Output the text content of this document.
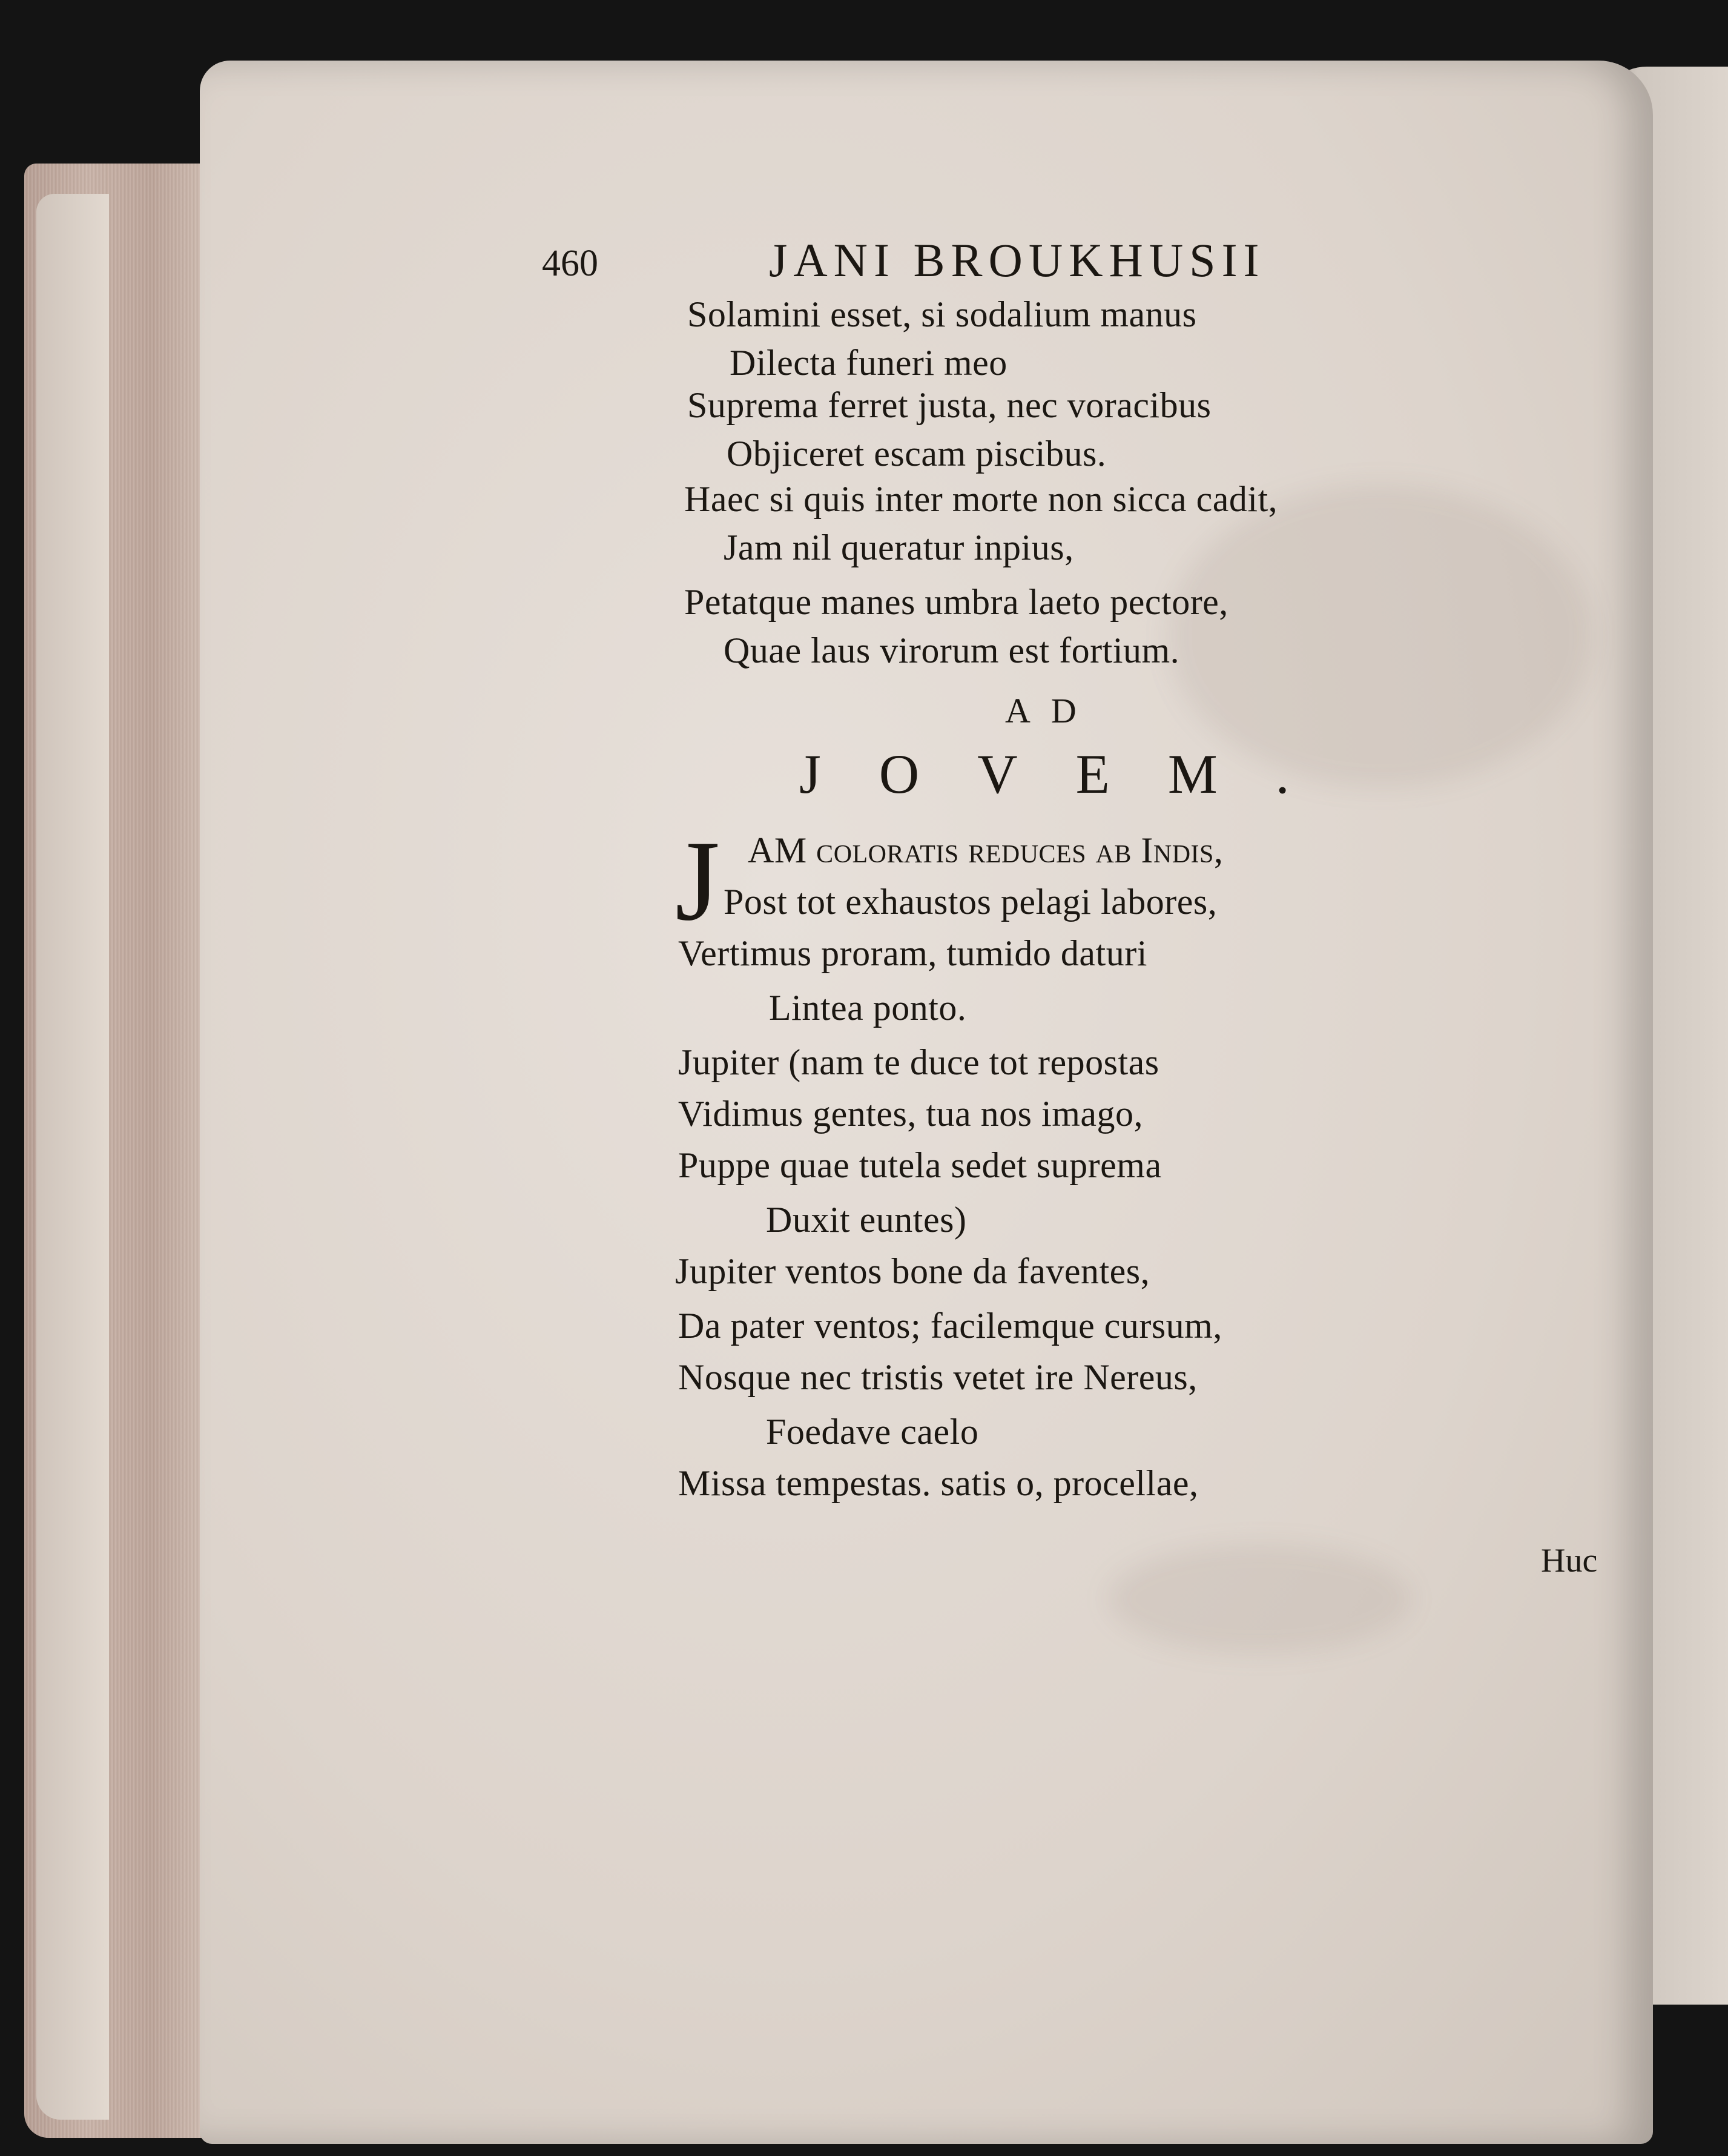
460	JANI BROUKHUSII
Solamini esset, si sodalium manus
Dilecta funeri meo
Suprema ferret justa, nec voracibus
Objiceret escam piscibus.
Haec si quis inter morte non sicca cadit,
Jam nil queratur inpius,
Petatque manes umbra laeto pectore,
Quae laus virorum est fortium.
AD
JOVEM.
J AM coloratis reduces ab Indis,
Post tot exhaustos pelagi labores,
Vertimus proram, tumido daturi
Lintea ponto.
Jupiter (nam te duce tot repostas
Vidimus gentes, tua nos imago,
Puppe quae tutela sedet suprema
Duxit euntes)
Jupiter ventos bone da faventes,
Da pater ventos; facilemque cursum,
Nosque nec tristis vetet ire Nereus,
Foedave caelo
Missa tempestas. satis o, procellae,
Huc
